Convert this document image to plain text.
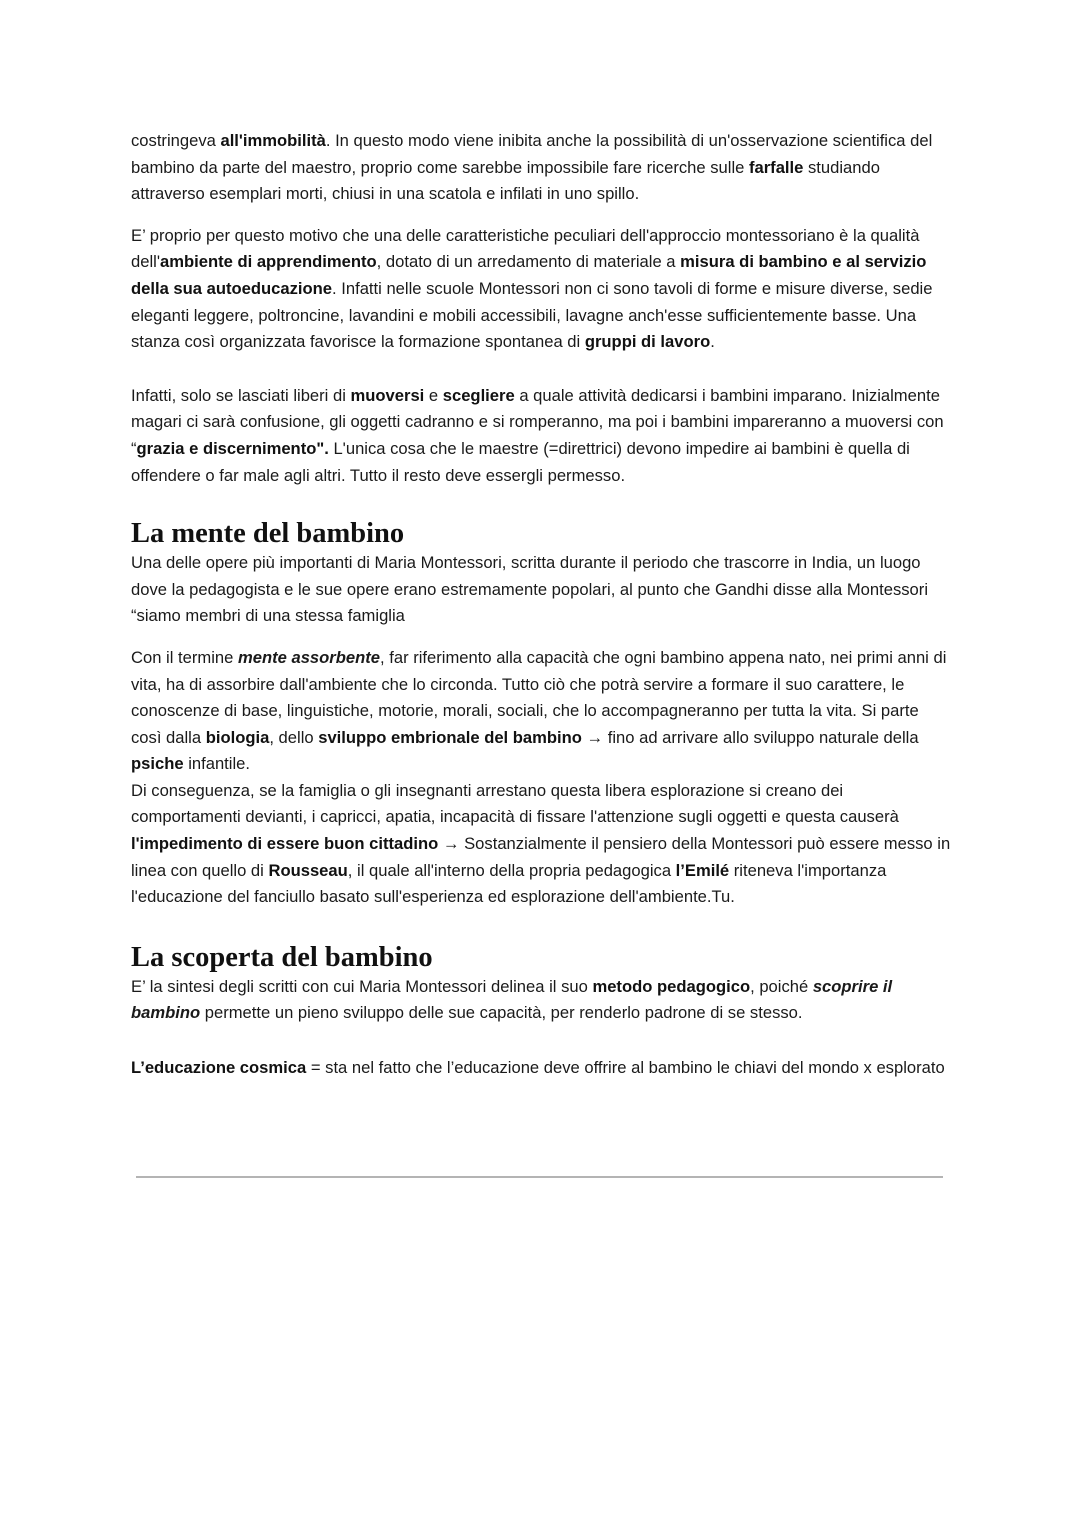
costringeva all'immobilità. In questo modo viene inibita anche la possibilità di un'osservazione scientifica del bambino da parte del maestro, proprio come sarebbe impossibile fare ricerche sulle farfalle studiando attraverso esemplari morti, chiusi in una scatola e infilati in uno spillo.

E’ proprio per questo motivo che una delle caratteristiche peculiari dell'approccio montessoriano è la qualità dell'ambiente di apprendimento, dotato di un arredamento di materiale a misura di bambino e al servizio della sua autoeducazione. Infatti nelle scuole Montessori non ci sono tavoli di forme e misure diverse, sedie eleganti leggere, poltroncine, lavandini e mobili accessibili, lavagne anch'esse sufficientemente basse. Una stanza così organizzata favorisce la formazione spontanea di gruppi di lavoro.

Infatti, solo se lasciati liberi di muoversi e scegliere a quale attività dedicarsi i bambini imparano. Inizialmente magari ci sarà confusione, gli oggetti cadranno e si romperanno, ma poi i bambini impareranno a muoversi con “grazia e discernimento". L'unica cosa che le maestre (=direttrici) devono impedire ai bambini è quella di offendere o far male agli altri. Tutto il resto deve essergli permesso.

La mente del bambino

Una delle opere più importanti di Maria Montessori, scritta durante il periodo che trascorre in India, un luogo dove la pedagogista e le sue opere erano estremamente popolari, al punto che Gandhi disse alla Montessori “siamo membri di una stessa famiglia

Con il termine mente assorbente, far riferimento alla capacità che ogni bambino appena nato, nei primi anni di vita, ha di assorbire dall'ambiente che lo circonda. Tutto ciò che potrà servire a formare il suo carattere, le conoscenze di base, linguistiche, motorie, morali, sociali, che lo accompagneranno per tutta la vita. Si parte così dalla biologia, dello sviluppo embrionale del bambino → fino ad arrivare allo sviluppo naturale della psiche infantile.

Di conseguenza, se la famiglia o gli insegnanti arrestano questa libera esplorazione si creano dei comportamenti devianti, i capricci, apatia, incapacità di fissare l'attenzione sugli oggetti e questa causerà l'impedimento di essere buon cittadino → Sostanzialmente il pensiero della Montessori può essere messo in linea con quello di Rousseau, il quale all'interno della propria pedagogica l’Emilé riteneva l'importanza l'educazione del fanciullo basato sull'esperienza ed esplorazione dell'ambiente.Tu.

La scoperta del bambino

E’ la sintesi degli scritti con cui Maria Montessori delinea il suo metodo pedagogico, poiché scoprire il bambino permette un pieno sviluppo delle sue capacità, per renderlo padrone di se stesso.

L’educazione cosmica = sta nel fatto che l’educazione deve offrire al bambino le chiavi del mondo x esplorato
